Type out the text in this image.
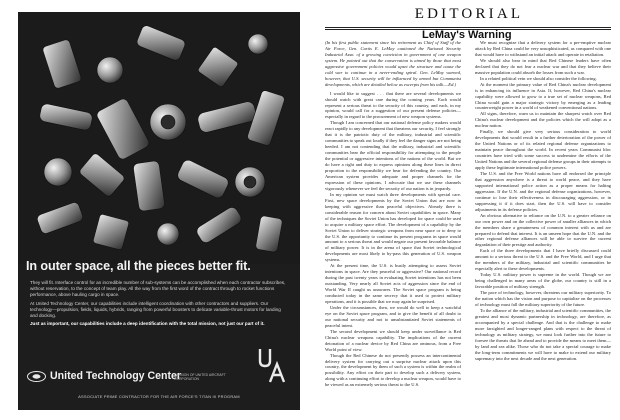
In outer space, all the pieces better fit.

They will fit. Interface control for an incredible number of sub-systems can be accomplished when each contractor subscribes, without reservation, to the concept of team play. All the way from the first word of the contract through to rocket functions performance, above hauling cargo in space.

At United Technology Center, our capabilities include intelligent coordination with other contractors and suppliers. Our technology—propulsion, fields, liquids, hybrids, ranging from powerful boosters to delicate variable-thrust motors for landing and docking.

Just as important, our capabilities include a deep identification with the total mission, not just our part of it.

United Technology Center
DIVISION OF UNITED AIRCRAFT CORPORATION
ASSOCIATE PRIME CONTRACTOR FOR THE AIR FORCE'S TITAN III PROGRAM
EDITORIAL
LeMay's Warning

(In his first public statement since his retirement as Chief of Staff of the Air Force, Gen. Curtis E. LeMay cautioned the National Security Industrial Assn. of a growing conviction in government of one weapon system. He pointed out that the conservation is aimed by those that most aggressive government policies would upset the structure and cause the cold war to continue in a never-ending spiral. Gen. LeMay warned, however, that U.S. security will be influenced by armed but Communist developments, which are detailed below as excerpts from his talk.—Ed.)

I would like to suggest . . . that there are several developments we should watch with great care during the coming years. Each would represent a serious threat to the security of this country, and each, in my opinion, would call for a suggestion of our present defense policies—especially in regard to the procurement of new weapon systems.

Though I am concerned that our national defense policy makers would react rapidly to any development that threatens our security, I feel strongly that it is the patriotic duty of the military, industrial and scientific communities to speak out loudly if they feel the danger signs are not being heeded. I am not contending that the military, industrial and scientific communities bear the official responsibility for attempting to the people the potential or aggressive intentions of the nations of the world. But we do have a right and duty to express opinions along these lines in direct proportion to the responsibility we bear for defending the country. Our American system provides adequate and proper channels for the expression of these opinions. I advocate that we use these channels vigorously whenever we feel the security of our nation is in jeopardy.

In my opinion we must watch three developments with special care. First, new space developments by the Soviet Union that are now in keeping with aggressive than peaceful objectives. Already there is considerable reason for concern about Soviet capabilities in space. Many of the techniques the Soviet Union has developed for space could be used to acquire a military space effort. The development of a capability by the Soviet Union to deliver strategic weapons from near space or to deny to the U.S. the opportunity to continue its present programs in space would amount to a serious threat and would negate our present favorable balance of military power. It is in the arena of space that Soviet technological developments are most likely to by-pass this generation of U.S. weapon systems.

At the present time, the U.S. is busily attempting to assess Soviet intentions in space. Are they peaceful or aggressive? Our national record during the past twenty years in evaluating Soviet intentions has not been outstanding. Very nearly all Soviet acts of aggression since the end of World War II caught us unawares. The Soviet space program is being conducted today in the same secrecy that it used to protect military operations, and it is possible that we may again be surprised.

Under the circumstances, then, we would do well to keep a watchful eye on the Soviet space program, and to give the benefit of all doubt to our national security and not to unsubstantiated Soviet statements of peaceful intent.

The second development we should keep under surveillance is Red China's nuclear weapons capability. The implications of the current detonation of a nuclear device by Red China are ominous, from a Free World point of view.

Though the Red Chinese do not presently possess an intercontinental delivery system for carrying out a surprise nuclear attack upon this country, the development by them of such a system is within the realm of possibility. Any effort on their part to develop such a delivery system, along with a continuing effort to develop a nuclear weapon, would have to be viewed as an extremely serious threat to the U.S.

We must recognize that a delivery system for a pre-emptive nuclear attack by Red China could be very unsophisticated, as compared with one that would have to withstand an initial attack and operate in retaliation.

We should also bear in mind that Red Chinese leaders have often declared that they do not fear a nuclear war and that they believe their massive population could absorb the losses from such a war.

In a related political vein we should also consider the following.

At the moment the primary value of Red China's nuclear development is in enhancing its influence in Asia. If, however, Red China's nuclear capability were allowed to grow to a true set of nuclear weapons, Red China would gain a major strategic victory by emerging as a leading counterweight power in a world of weakened conventional nations.

All signs, therefore, warn us to maintain the sharpest watch over Red China's nuclear development and the policies which the will adopt as a nuclear nation.

Finally, we should give very serious consideration to world developments that would result in a further deterioration of the power of the United Nations or of its related regional defense organizations to maintain peace throughout the world. In recent years Communist bloc countries have tried with some success to undermine the efforts of the United Nations and the several regional defense groups in their attempts to apply these legitimate international police powers.

The U.S. and the Free World nations have all endorsed the principle that aggression anywhere is a threat to world peace, and they have supported international police action as a proper means for halting aggression. If the U.N. and the regional defense organizations, however, continue to lose their effectiveness in discouraging aggression, or in suppressing it if it does start, then the U.S. will have to consider adjustments in its defense policies.

An obvious alternative to reliance on the U.N. to a greater reliance on our own power and on the collective power of smaller alliances in which the members share a genuineness of common interest with us and are prepared to defend that interest. It is an unseen hope that the U.N. and the other regional defense alliances will be able to survive the current degradation of their prestige and authority.

Each of the three developments that I have briefly discussed could amount to a serious threat to the U.S. and the Free World, and I urge that the members of the military, industrial and scientific communities be especially alert to these developments.

Today U.S. military power is supreme in the world. Though we are being challenged in many areas of the globe, our country is still in a favorable position of military strength.

The pace of technology, however, threatens our military superiority. To the nation which has the vision and purpose to capitalize on the processes of technology must fall the military superiority of the future.

To the alliance of the military, industrial and scientific communities, the greatest and most dynamic partnership in technology, are therefore, as accompanied by a special challenge. And that is the challenge to make more farsighted and longer-ranged plans with respect to the threat of technology as military strategy, we must look further into the future to foresee the threats that lie ahead and to provide the means to meet them—by land and sea alike. Those who do not take a special courage to make the long-term commitments we will have to make to extend our military supremacy into the next decade and the next generation.
